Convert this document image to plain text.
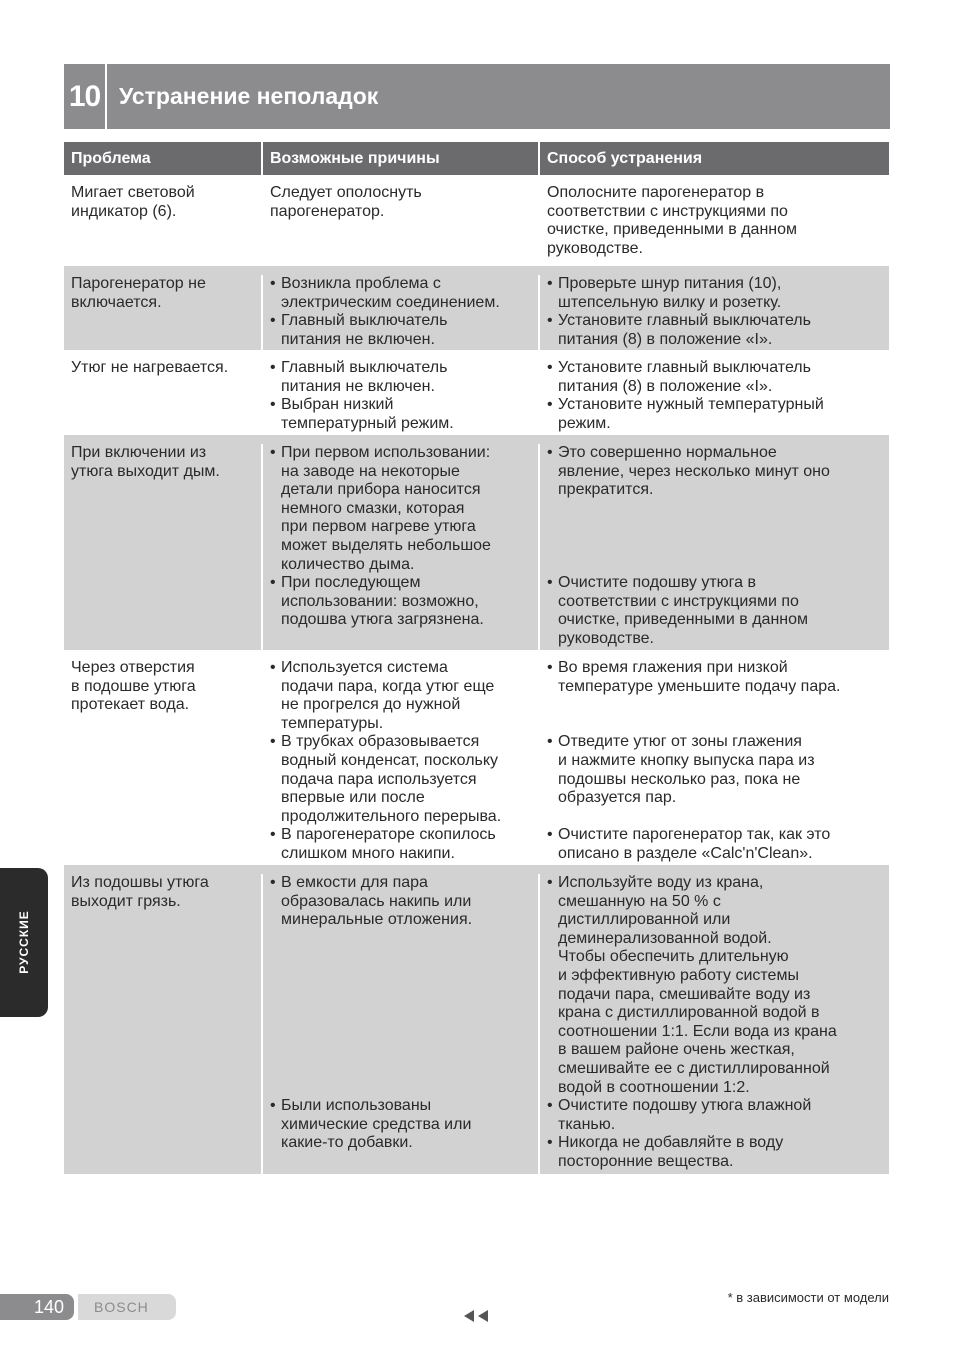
10 Устранение неполадок
Проблема	Возможные причины	Способ устранения
Мигает световой
индикатор (6).
Следует ополоснуть
парогенератор.
Ополосните парогенератор в
соответствии с инструкциями по
очистке, приведенными в данном
руководстве.
Парогенератор не
включается.
• Возникла проблема с
электрическим соединением.
• Главный выключатель
питания не включен.
• Проверьте шнур питания (10),
штепсельную вилку и розетку.
• Установите главный выключатель
питания (8) в положение «I».
Утюг не нагревается.
•	Главный выключатель
питания не включен.
• Выбран низкий
температурный режим.
• Установите главный выключатель
питания (8) в положение «I».
• Установите нужный температурный
режим.
При включении из
утюга выходит дым.
• При первом использовании:
на заводе на некоторые
детали прибора наносится
немного смазки, которая
при первом нагреве утюга
может выделять небольшое
количество дыма.
• При последующем
использовании: возможно,
подошва утюга загрязнена.
• Это совершенно нормальное
явление, через несколько минут оно
прекратится.
• Очистите подошву утюга в
соответствии с инструкциями по
очистке, приведенными в данном
руководстве.
Через отверстия
в подошве утюга
протекает вода.
• Используется система
подачи пара, когда утюг еще
не прогрелся до нужной
температуры.
• В трубках образовывается
водный конденсат, поскольку
подача пара используется
впервые или после
продолжительного перерыва.
• В парогенераторе скопилось
слишком много накипи.
• Во время глажения при низкой
температуре уменьшите подачу пара.
• Отведите утюг от зоны глажения
и нажмите кнопку выпуска пара из
подошвы несколько раз, пока не
образуется пар.
• Очистите парогенератор так, как это
описано в разделе «Calc'n'Clean».
Из подошвы утюга
выходит грязь.
• В емкости для пара
образовалась накипь или
минеральные отложения.
• Были использованы
химические средства или
какие-то добавки.
• Используйте воду из крана,
смешанную на 50 % с
дистиллированной или
деминерализованной водой.
Чтобы обеспечить длительную
и эффективную работу системы
подачи пара, смешивайте воду из
крана с дистиллированной водой в
соотношении 1:1. Если вода из крана
в вашем районе очень жесткая,
смешивайте ее с дистиллированной
водой в соотношении 1:2.
• Очистите подошву утюга влажной
тканью.
• Никогда не добавляйте в воду
посторонние вещества.
РУССКИЕ
140	BOSCH
* в зависимости от модели
